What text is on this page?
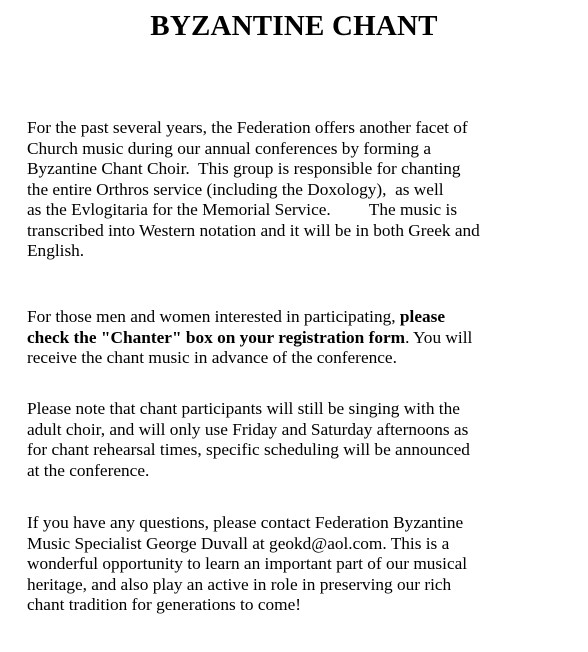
BYZANTINE CHANT
For the past several years, the Federation offers another facet of
Church music during our annual conferences by forming a
Byzantine Chant Choir.  This group is responsible for chanting
the entire Orthros service (including the Doxology),  as well
as the Evlogitaria for the Memorial Service. The music is
transcribed into Western notation and it will be in both Greek and
English.
For those men and women interested in participating, please
check the "Chanter" box on your registration form. You will
receive the chant music in advance of the conference.
Please note that chant participants will still be singing with the
adult choir, and will only use Friday and Saturday afternoons as
for chant rehearsal times, specific scheduling will be announced
at the conference.
If you have any questions, please contact Federation Byzantine
Music Specialist George Duvall at geokd@aol.com. This is a
wonderful opportunity to learn an important part of our musical
heritage, and also play an active in role in preserving our rich
chant tradition for generations to come!
